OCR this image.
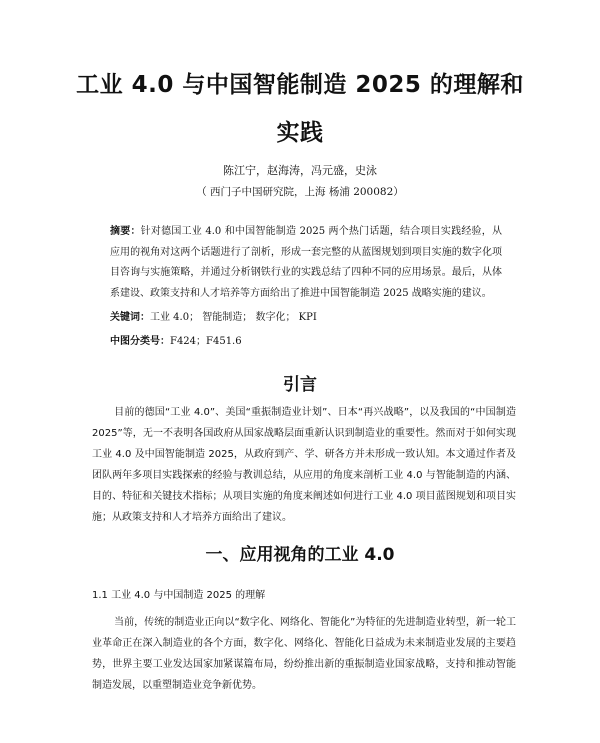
工业 4.0 与中国智能制造 2025 的理解和
实践
陈江宁，赵海涛，冯元盛，史泳
（ 西门子中国研究院，上海 杨浦 200082）

摘要：针对德国工业 4.0 和中国智能制造 2025 两个热门话题，结合项目实践经验，从应用的视角对这两个话题进行了剖析，形成一套完整的从蓝图规划到项目实施的数字化项目咨询与实施策略，并通过分析钢铁行业的实践总结了四种不同的应用场景。最后，从体系建设、政策支持和人才培养等方面给出了推进中国智能制造 2025 战略实施的建议。

关键词：工业 4.0； 智能制造； 数字化； KPI

中图分类号：F424；F451.6

引言

目前的德国“工业 4.0”、美国“重振制造业计划”、日本“再兴战略”，以及我国的“中国制造 2025”等，无一不表明各国政府从国家战略层面重新认识到制造业的重要性。然而对于如何实现工业 4.0 及中国智能制造 2025，从政府到产、学、研各方并未形成一致认知。本文通过作者及团队两年多项目实践探索的经验与教训总结，从应用的角度来剖析工业 4.0 与智能制造的内涵、目的、特征和关键技术指标；从项目实施的角度来阐述如何进行工业 4.0 项目蓝图规划和项目实施；从政策支持和人才培养方面给出了建议。

一、应用视角的工业 4.0

1.1 工业 4.0 与中国制造 2025 的理解

当前，传统的制造业正向以“数字化、网络化、智能化”为特征的先进制造业转型，新一轮工业革命正在深入制造业的各个方面，数字化、网络化、智能化日益成为未来制造业发展的主要趋势，世界主要工业发达国家加紧谋篇布局，纷纷推出新的重振制造业国家战略，支持和推动智能制造发展，以重塑制造业竞争新优势。
